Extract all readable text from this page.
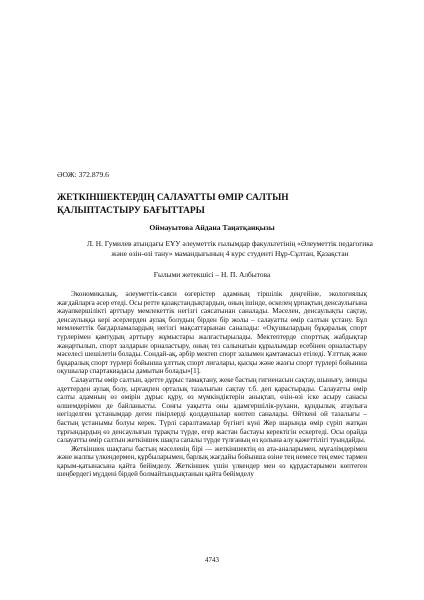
ӘОЖ: 372.879.6
ЖЕТКІНШЕКТЕРДІҢ САЛАУАТТЫ ӨМІР САЛТЫН ҚАЛЫПТАСТЫРУ БАҒЫТТАРЫ
Оймауытова Айдана Таңатқанқызы
Л. Н. Гумилев атындағы ЕҰУ әлеуметтік ғылымдар факультетінің «Әлеуметтік педагогика және өзін-өзі тану» мамандығының 4 курс студенті Нұр-Сұлтан, Қазақстан
Ғылыми жетекшісі – Н. П. Албытова

Экономикалық, әлеуметтік-саяси өзгерістер адамның тіршілік деңгейіне, экологиялық жағдайларға әсер етеді. Осы ретте қазақстандықтардың, оның ішінде, өскелең ұрпақтың денсаулығына жауапкершілікті арттыру мемлекеттік негізгі саясатынан саналады. Мәселен, денсаулықты сақтау, денсаулыққа кері әсерлерден аулақ болудың бірден бір жолы – салауатты өмір салтын ұстану. Бұл мемлекеттік бағдарламалардың негізгі мақсаттарынан саналады: «Оқушылардың бұқаралық спорт түрлерімен қамтудың арттыру жұмыстары жалғастырылады. Мектептерде спорттық жабдықтар жаңартылып, спорт залдарын орналастыру, оның тез салынатын құрылымдар есебінен орналастыру мәселесі шешілетін болады. Сондай-ақ, әрбір мектеп спорт залымен қамтамасыз етіледі. Ұлттық және бұқаралық спорт түрлері бойынша ұлттық спорт лигалары, қысқы және жазғы спорт түрлері бойынша оқушылар спартакиадасы дамытын болады»[1].

Салауатты өмір салтын, әдетте дұрыс тамақтану, жеке бастың гигиенасын сақтау, шынығу, зиянды әдеттерден аулақ болу, ырғақпен орталық тазалығын сақтау т.б. деп қарастырады. Салауатты өмір салты адамның өз өмірін дұрыс құру, өз мүмкіндіктерін анықтап, өзін-өзі іске асыру санасы өлшемдерімен де байланысты. Сонғы уақытта оны адамгершілік-рухани, құндылық атаулыға негізделген ұстанымдар деген пікірлерді қолдаушылар көптеп саналады. Өйткені ой тазалығы – бастың ұстанымы болуы керек. Түрлі саралтамалар бүгінгі күні Жер шарында өмір сүріп жатқан тұрғындардың өз денсаулығын тұрақты түрде, егер жастан бастауы керектігін ескертеді. Осы орайда салауатты өмір салтын жеткіншек шақта сапалы түрде түлғаның өз қолына алу қажеттілігі туындайды.

Жеткіншек шақтағы бастың мәселенің бірі — жеткіншектің өз ата-аналарымен, мұғалімдерімен және жалпы үлкендермен, құрбыларымен, барлық жағдайы бойынша өзіне тең немесе тең емес тармен қарым-қатынасына қайта бейімделу. Жеткіншек үшін үлкендер мен өз құрдастарымен көптеген шеңбердегі мүддені бірдей болмайтындықтанын қайта бейімделу

4743
